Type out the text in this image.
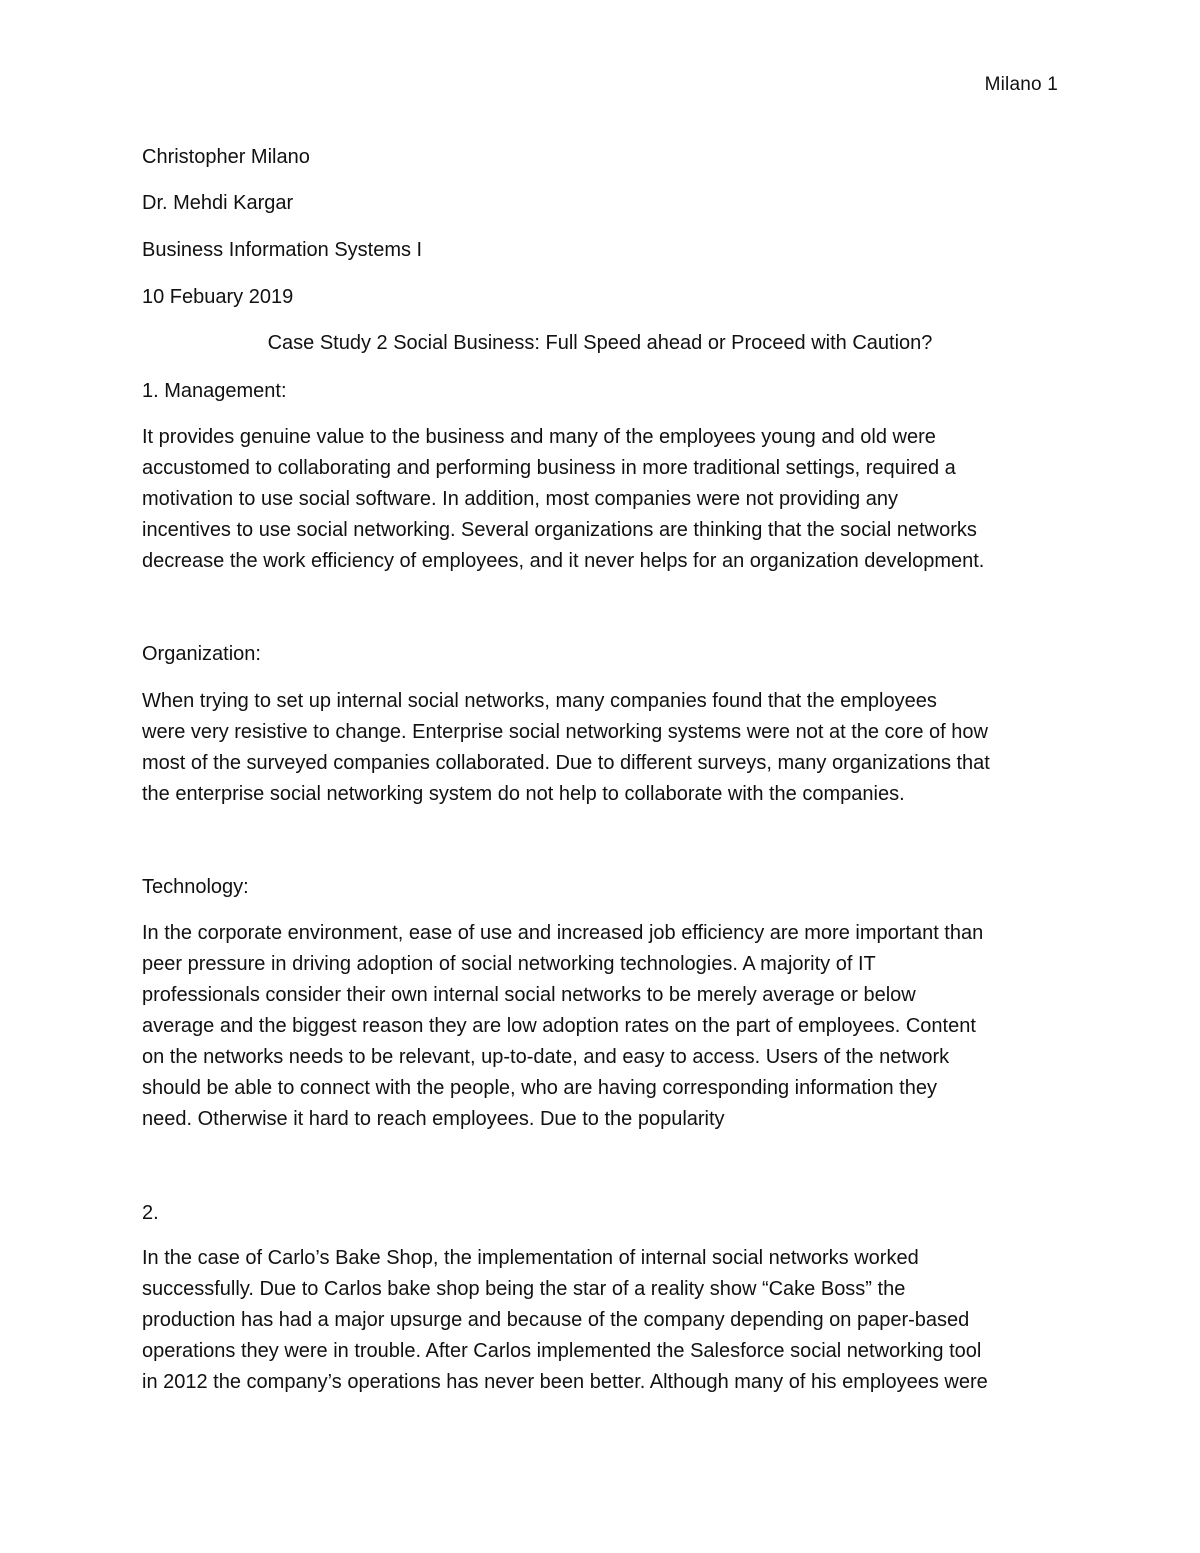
Milano 1
Christopher Milano
Dr. Mehdi Kargar
Business Information Systems I
10 Febuary 2019
Case Study 2 Social Business: Full Speed ahead or Proceed with Caution?
1. Management:

It provides genuine value to the business and many of the employees young and old were

accustomed to collaborating and performing business in more traditional settings, required a

motivation to use social software. In addition, most companies were not providing any

incentives to use social networking. Several organizations are thinking that the social networks

decrease the work efficiency of employees, and it never helps for an organization development.

Organization:

When trying to set up internal social networks, many companies found that the employees

were very resistive to change. Enterprise social networking systems were not at the core of how

most of the surveyed companies collaborated. Due to different surveys, many organizations that

the enterprise social networking system do not help to collaborate with the companies.

Technology:

In the corporate environment, ease of use and increased job efficiency are more important than

peer pressure in driving adoption of social networking technologies. A majority of IT

professionals consider their own internal social networks to be merely average or below

average and the biggest reason they are low adoption rates on the part of employees. Content

on the networks needs to be relevant, up-to-date, and easy to access. Users of the network

should be able to connect with the people, who are having corresponding information they

need. Otherwise it hard to reach employees. Due to the popularity

2.

In the case of Carlo’s Bake Shop, the implementation of internal social networks worked

successfully. Due to Carlos bake shop being the star of a reality show “Cake Boss” the

production has had a major upsurge and because of the company depending on paper-based

operations they were in trouble. After Carlos implemented the Salesforce social networking tool

in 2012 the company’s operations has never been better. Although many of his employees were
